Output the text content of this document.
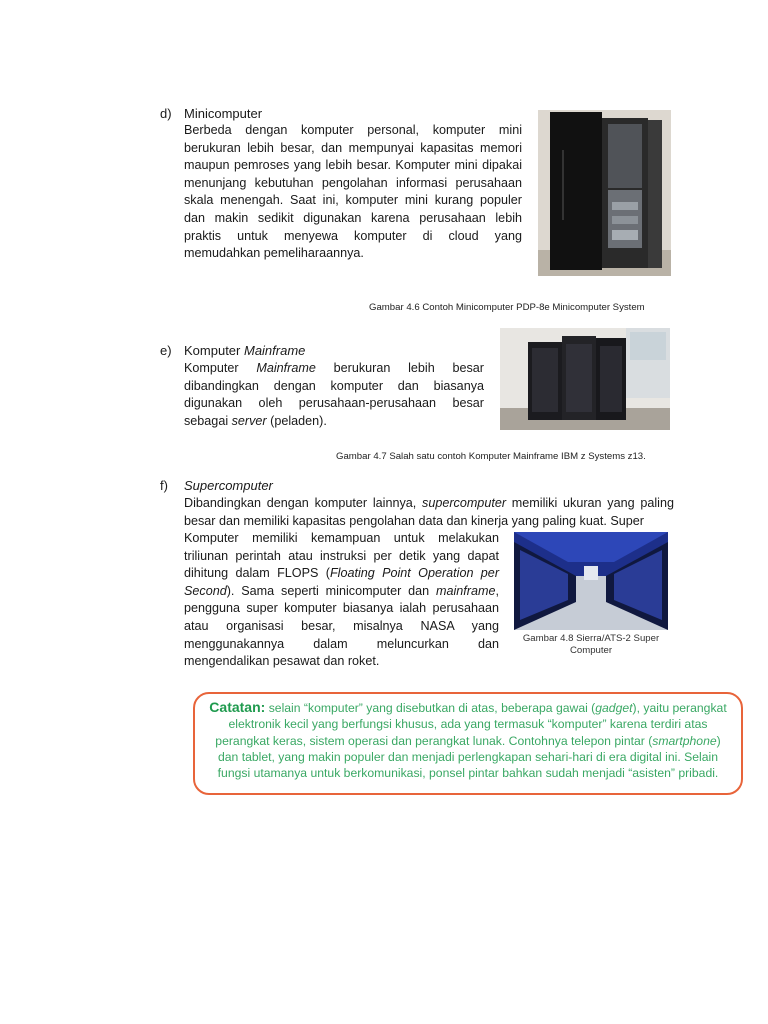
d) Minicomputer
Berbeda dengan komputer personal, komputer mini berukuran lebih besar, dan mempunyai kapasitas memori maupun pemroses yang lebih besar. Komputer mini dipakai menunjang kebutuhan pengolahan informasi perusahaan skala menengah. Saat ini, komputer mini kurang populer dan makin sedikit digunakan karena perusahaan lebih praktis untuk menyewa komputer di cloud yang memudahkan pemeliharaannya.
Gambar 4.6 Contoh Minicomputer PDP-8e Minicomputer System
e) Komputer Mainframe
Komputer Mainframe berukuran lebih besar dibandingkan dengan komputer dan biasanya digunakan oleh perusahaan-perusahaan besar sebagai server (peladen).
Gambar 4.7 Salah satu contoh Komputer Mainframe IBM z Systems z13.
f) Supercomputer
Dibandingkan dengan komputer lainnya, supercomputer memiliki ukuran yang paling besar dan memiliki kapasitas pengolahan data dan kinerja yang paling kuat. Super
Komputer memiliki kemampuan untuk melakukan triliunan perintah atau instruksi per detik yang dapat dihitung dalam FLOPS (Floating Point Operation per Second). Sama seperti minicomputer dan mainframe, pengguna super komputer biasanya ialah perusahaan atau organisasi besar, misalnya NASA yang menggunakannya dalam meluncurkan dan mengendalikan pesawat dan roket.
Gambar 4.8 Sierra/ATS-2 Super Computer
Catatan: selain “komputer” yang disebutkan di atas, beberapa gawai (gadget), yaitu perangkat elektronik kecil yang berfungsi khusus, ada yang termasuk “komputer” karena terdiri atas perangkat keras, sistem operasi dan perangkat lunak. Contohnya telepon pintar (smartphone) dan tablet, yang makin populer dan menjadi perlengkapan sehari-hari di era digital ini. Selain fungsi utamanya untuk berkomunikasi, ponsel pintar bahkan sudah menjadi “asisten” pribadi.
